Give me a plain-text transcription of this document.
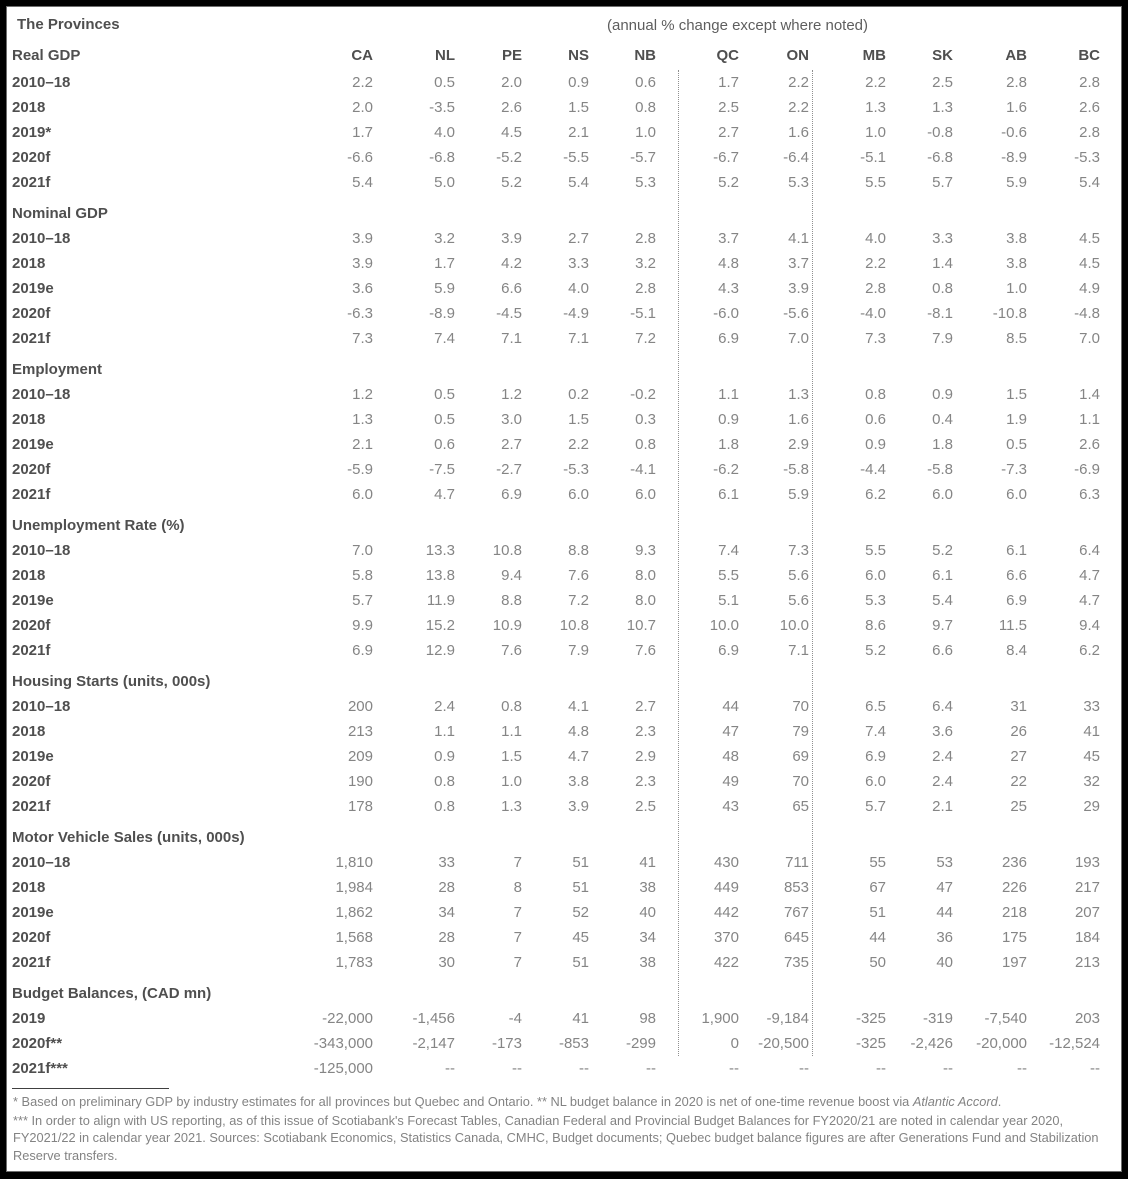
The Provinces	(annual % change except where noted)
Real GDP	CA	NL	PE	NS	NB	QC	ON	MB	SK	AB	BC
2010–18	2.2	0.5	2.0	0.9	0.6	1.7	2.2	2.2	2.5	2.8	2.8
2018	2.0	-3.5	2.6	1.5	0.8	2.5	2.2	1.3	1.3	1.6	2.6
2019*	1.7	4.0	4.5	2.1	1.0	2.7	1.6	1.0	-0.8	-0.6	2.8
2020f	-6.6	-6.8	-5.2	-5.5	-5.7	-6.7	-6.4	-5.1	-6.8	-8.9	-5.3
2021f	5.4	5.0	5.2	5.4	5.3	5.2	5.3	5.5	5.7	5.9	5.4
Nominal GDP											
2010–18	3.9	3.2	3.9	2.7	2.8	3.7	4.1	4.0	3.3	3.8	4.5
2018	3.9	1.7	4.2	3.3	3.2	4.8	3.7	2.2	1.4	3.8	4.5
2019e	3.6	5.9	6.6	4.0	2.8	4.3	3.9	2.8	0.8	1.0	4.9
2020f	-6.3	-8.9	-4.5	-4.9	-5.1	-6.0	-5.6	-4.0	-8.1	-10.8	-4.8
2021f	7.3	7.4	7.1	7.1	7.2	6.9	7.0	7.3	7.9	8.5	7.0
Employment											
2010–18	1.2	0.5	1.2	0.2	-0.2	1.1	1.3	0.8	0.9	1.5	1.4
2018	1.3	0.5	3.0	1.5	0.3	0.9	1.6	0.6	0.4	1.9	1.1
2019e	2.1	0.6	2.7	2.2	0.8	1.8	2.9	0.9	1.8	0.5	2.6
2020f	-5.9	-7.5	-2.7	-5.3	-4.1	-6.2	-5.8	-4.4	-5.8	-7.3	-6.9
2021f	6.0	4.7	6.9	6.0	6.0	6.1	5.9	6.2	6.0	6.0	6.3
Unemployment Rate (%)											
2010–18	7.0	13.3	10.8	8.8	9.3	7.4	7.3	5.5	5.2	6.1	6.4
2018	5.8	13.8	9.4	7.6	8.0	5.5	5.6	6.0	6.1	6.6	4.7
2019e	5.7	11.9	8.8	7.2	8.0	5.1	5.6	5.3	5.4	6.9	4.7
2020f	9.9	15.2	10.9	10.8	10.7	10.0	10.0	8.6	9.7	11.5	9.4
2021f	6.9	12.9	7.6	7.9	7.6	6.9	7.1	5.2	6.6	8.4	6.2
Housing Starts (units, 000s)											
2010–18	200	2.4	0.8	4.1	2.7	44	70	6.5	6.4	31	33
2018	213	1.1	1.1	4.8	2.3	47	79	7.4	3.6	26	41
2019e	209	0.9	1.5	4.7	2.9	48	69	6.9	2.4	27	45
2020f	190	0.8	1.0	3.8	2.3	49	70	6.0	2.4	22	32
2021f	178	0.8	1.3	3.9	2.5	43	65	5.7	2.1	25	29
Motor Vehicle Sales (units, 000s)											
2010–18	1,810	33	7	51	41	430	711	55	53	236	193
2018	1,984	28	8	51	38	449	853	67	47	226	217
2019e	1,862	34	7	52	40	442	767	51	44	218	207
2020f	1,568	28	7	45	34	370	645	44	36	175	184
2021f	1,783	30	7	51	38	422	735	50	40	197	213
Budget Balances, (CAD mn)											
2019	-22,000	-1,456	-4	41	98	1,900	-9,184	-325	-319	-7,540	203
2020f**	-343,000	-2,147	-173	-853	-299	0	-20,500	-325	-2,426	-20,000	-12,524
2021f***	-125,000	--	--	--	--	--	--	--	--	--	--

* Based on preliminary GDP by industry estimates for all provinces but Quebec and Ontario. ** NL budget balance in 2020 is net of one-time revenue boost via Atlantic Accord.

*** In order to align with US reporting, as of this issue of Scotiabank's Forecast Tables, Canadian Federal and Provincial Budget Balances for FY2020/21 are noted in calendar year 2020, FY2021/22 in calendar year 2021. Sources: Scotiabank Economics, Statistics Canada, CMHC, Budget documents; Quebec budget balance figures are after Generations Fund and Stabilization Reserve transfers.
